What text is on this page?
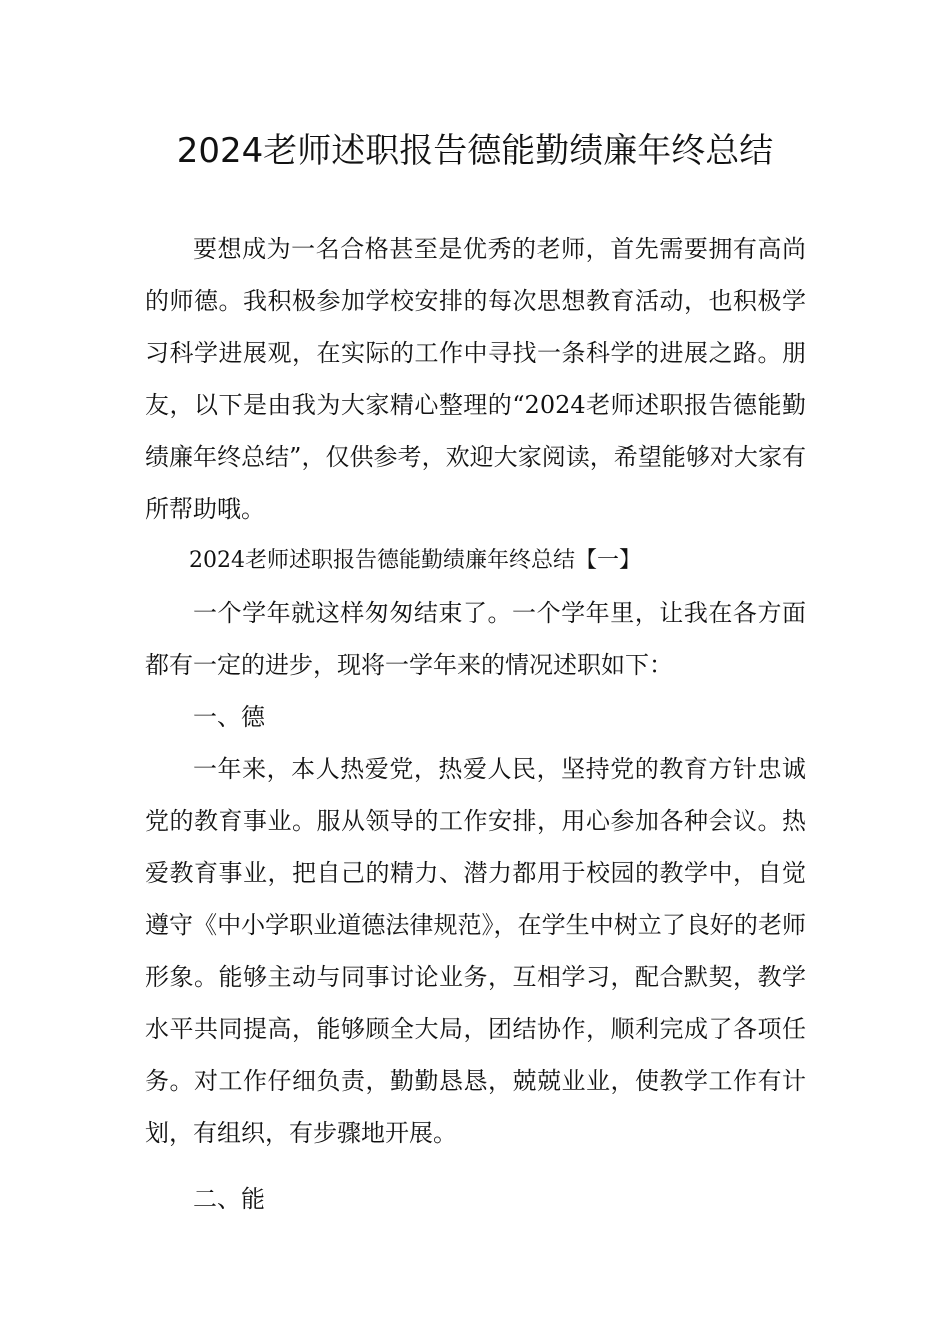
2024老师述职报告德能勤绩廉年终总结

要想成为一名合格甚至是优秀的老师，首先需要拥有高尚的师德。我积极参加学校安排的每次思想教育活动，也积极学习科学进展观，在实际的工作中寻找一条科学的进展之路。朋友，以下是由我为大家精心整理的“2024老师述职报告德能勤绩廉年终总结”，仅供参考，欢迎大家阅读，希望能够对大家有所帮助哦。

2024老师述职报告德能勤绩廉年终总结【一】

一个学年就这样匆匆结束了。一个学年里，让我在各方面都有一定的进步，现将一学年来的情况述职如下：

一、德

一年来，本人热爱党，热爱人民，坚持党的教育方针忠诚党的教育事业。服从领导的工作安排，用心参加各种会议。热爱教育事业，把自己的精力、潜力都用于校园的教学中，自觉遵守《中小学职业道德法律规范》，在学生中树立了良好的老师形象。能够主动与同事讨论业务，互相学习，配合默契，教学水平共同提高，能够顾全大局，团结协作，顺利完成了各项任务。对工作仔细负责，勤勤恳恳，兢兢业业，使教学工作有计划，有组织，有步骤地开展。

二、能
